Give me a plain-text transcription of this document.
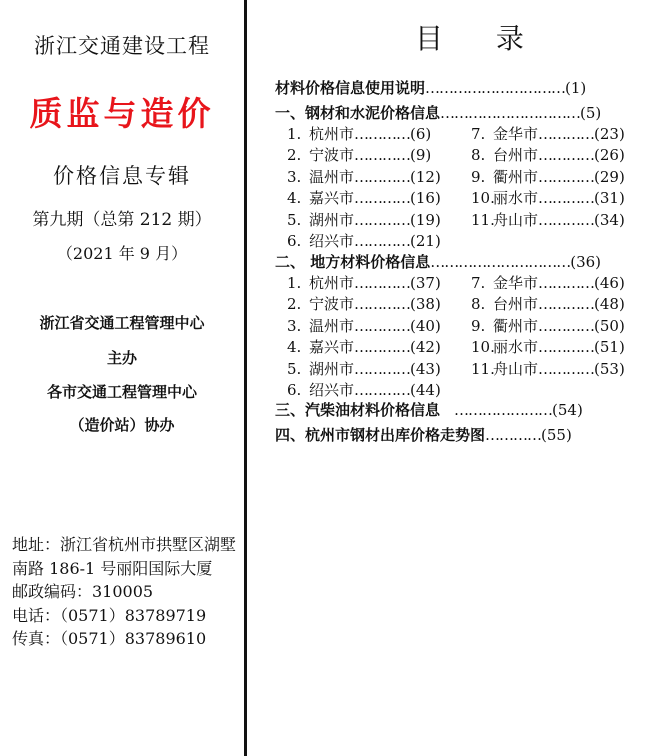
浙江交通建设工程
质监与造价
价格信息专辑
第九期（总第 212 期）
（2021 年 9 月）
浙江省交通工程管理中心
主办
各市交通工程管理中心
（造价站）协办
地址：浙江省杭州市拱墅区湖墅南路 186-1 号丽阳国际大厦
邮政编码：310005
电话：（0571）83789719
传真：（0571）83789610
目 录
材料价格信息使用说明…………………………(1)
一、钢材和水泥价格信息…………………………(5)
1. 杭州市…………(6)
2. 宁波市…………(9)
3. 温州市…………(12)
4. 嘉兴市…………(16)
5. 湖州市…………(19)
6. 绍兴市…………(21)
7. 金华市…………(23)
8. 台州市…………(26)
9. 衢州市…………(29)
10.丽水市…………(31)
11.舟山市…………(34)
二、 地方材料价格信息…………………………(36)
1. 杭州市…………(37)
2. 宁波市…………(38)
3. 温州市…………(40)
4. 嘉兴市…………(42)
5. 湖州市…………(43)
6. 绍兴市…………(44)
7. 金华市…………(46)
8. 台州市…………(48)
9. 衢州市…………(50)
10.丽水市…………(51)
11.舟山市…………(53)
三、汽柴油材料价格信息 …………………(54)
四、杭州市钢材出库价格走势图…………(55)
